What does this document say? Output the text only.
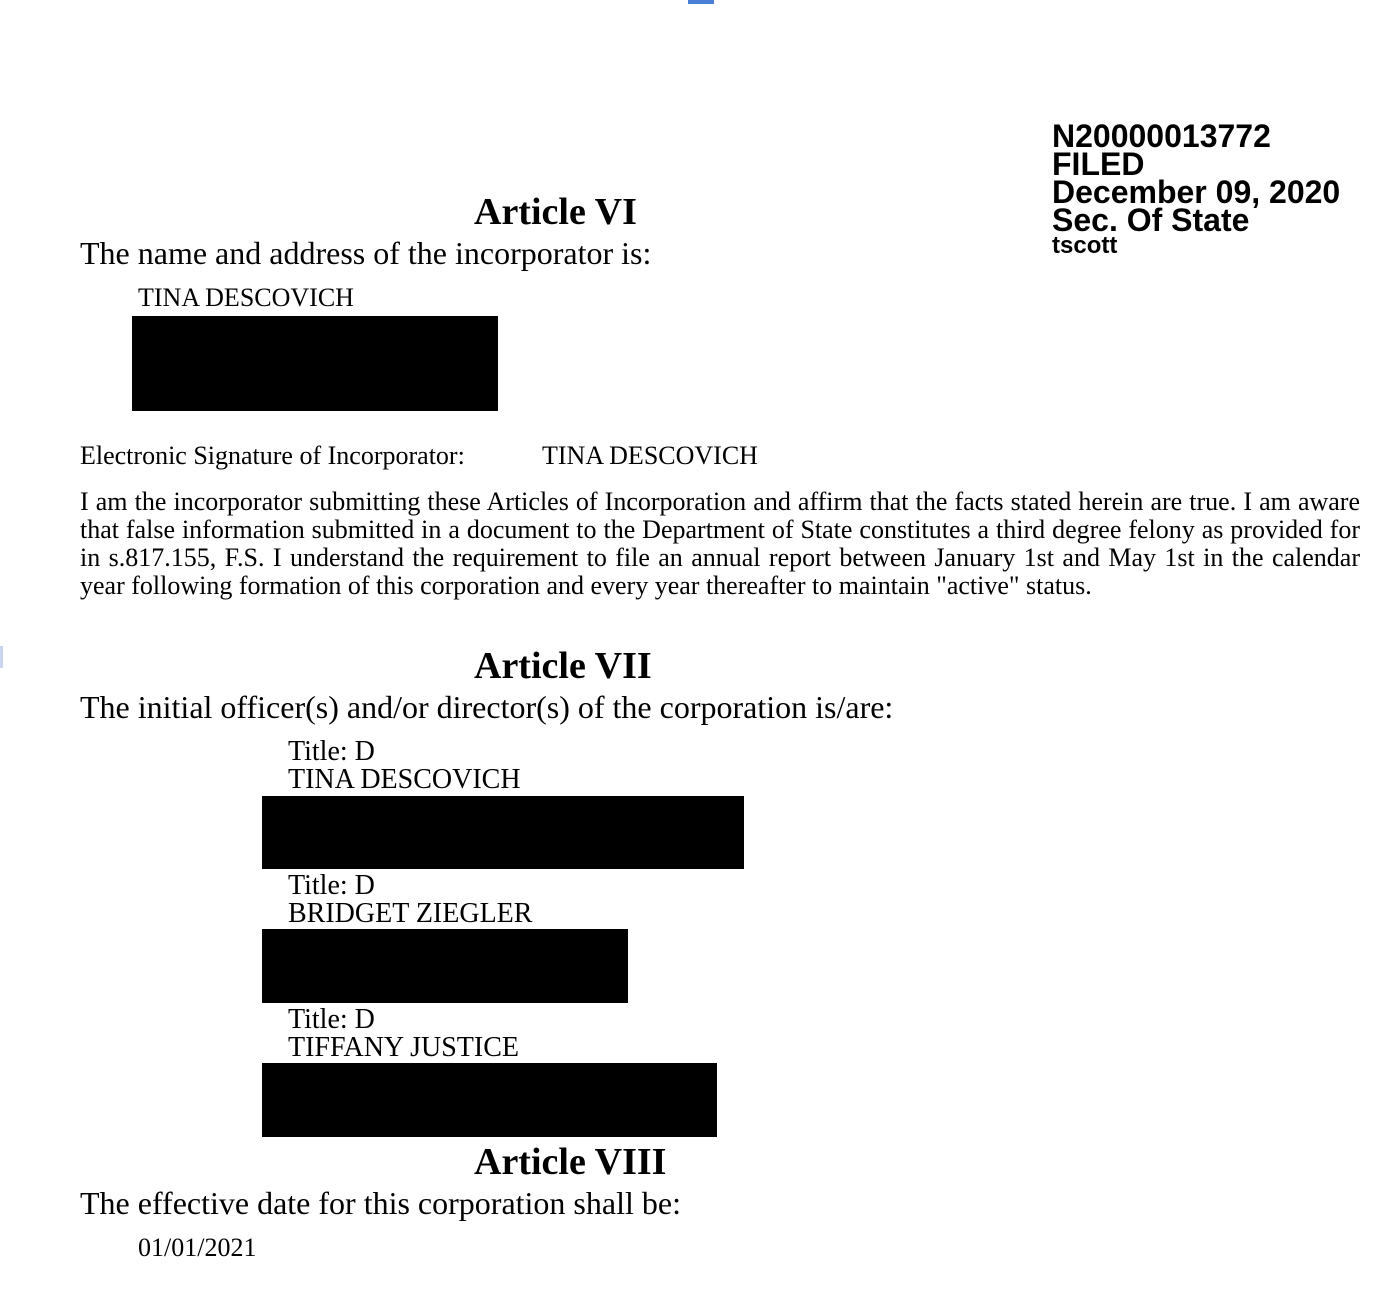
N20000013772
FILED
December 09, 2020
Sec. Of State
tscott
Article VI
The name and address of the incorporator is:
TINA DESCOVICH
Electronic Signature of Incorporator:	TINA DESCOVICH
I am the incorporator submitting these Articles of Incorporation and affirm that the facts stated herein are true. I am aware that false information submitted in a document to the Department of State constitutes a third degree felony as provided for in s.817.155, F.S. I understand the requirement to file an annual report between January 1st and May 1st in the calendar year following formation of this corporation and every year thereafter to maintain "active" status.
Article VII
The initial officer(s) and/or director(s) of the corporation is/are:
Title: D
TINA DESCOVICH
Title: D
BRIDGET ZIEGLER
Title: D
TIFFANY JUSTICE
Article VIII
The effective date for this corporation shall be:
01/01/2021
